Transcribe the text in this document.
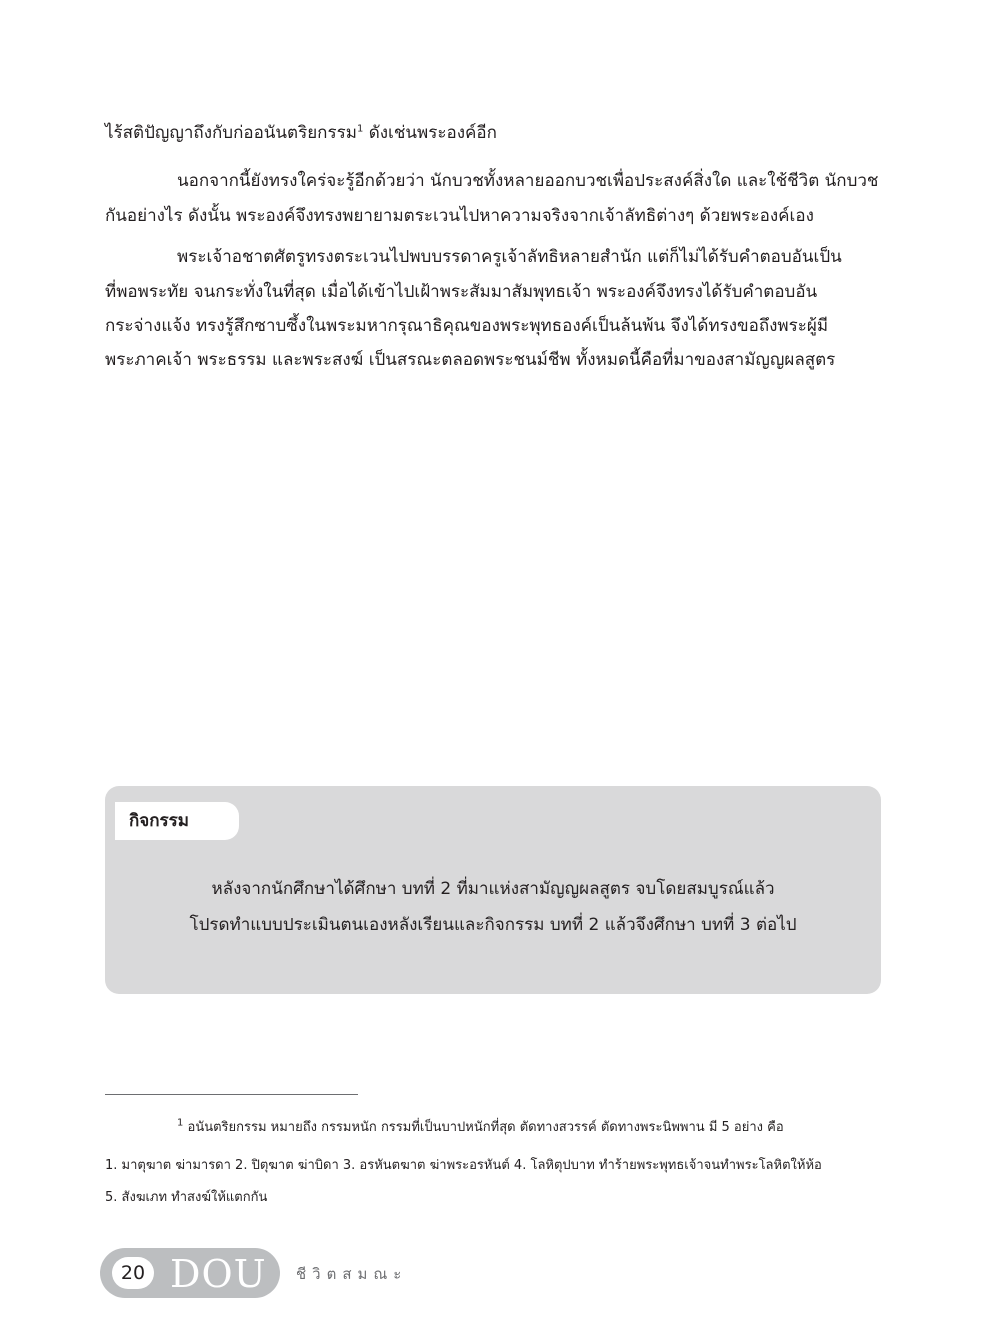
ไร้สติปัญญาถึงกับก่ออนันตริยกรรม$^1$ ดังเช่นพระองค์อีก
นอกจากนี้ยังทรงใคร่จะรู้อีกด้วยว่า นักบวชทั้งหลายออกบวชเพื่อประสงค์สิ่งใด และใช้ชีวิต นักบวช
กันอย่างไร ดังนั้น พระองค์จึงทรงพยายามตระเวนไปหาความจริงจากเจ้าลัทธิต่างๆ ด้วยพระองค์เอง
พระเจ้าอชาตศัตรูทรงตระเวนไปพบบรรดาครูเจ้าลัทธิหลายสำนัก แต่ก็ไม่ได้รับคำตอบอันเป็น
ที่พอพระทัย จนกระทั่งในที่สุด เมื่อได้เข้าไปเฝ้าพระสัมมาสัมพุทธเจ้า พระองค์จึงทรงได้รับคำตอบอัน
กระจ่างแจ้ง ทรงรู้สึกซาบซึ้งในพระมหากรุณาธิคุณของพระพุทธองค์เป็นล้นพ้น จึงได้ทรงขอถึงพระผู้มี
พระภาคเจ้า พระธรรม และพระสงฆ์ เป็นสรณะตลอดพระชนม์ชีพ ทั้งหมดนี้คือที่มาของสามัญญผลสูตร
กิจกรรม
หลังจากนักศึกษาได้ศึกษา บทที่ 2 ที่มาแห่งสามัญญผลสูตร จบโดยสมบูรณ์แล้ว
โปรดทำแบบประเมินตนเองหลังเรียนและกิจกรรม บทที่ 2 แล้วจึงศึกษา บทที่ 3 ต่อไป
$^1$ อนันตริยกรรม หมายถึง กรรมหนัก กรรมที่เป็นบาปหนักที่สุด ตัดทางสวรรค์ ตัดทางพระนิพพาน มี 5 อย่าง คือ
1. มาตุฆาต ฆ่ามารดา 2. ปิตุฆาต ฆ่าบิดา 3. อรหันตฆาต ฆ่าพระอรหันต์ 4. โลหิตุปบาท ทำร้ายพระพุทธเจ้าจนทำพระโลหิตให้ห้อ
5. สังฆเภท ทำสงฆ์ให้แตกกัน
20 DOU ชีวิตสมณะ
